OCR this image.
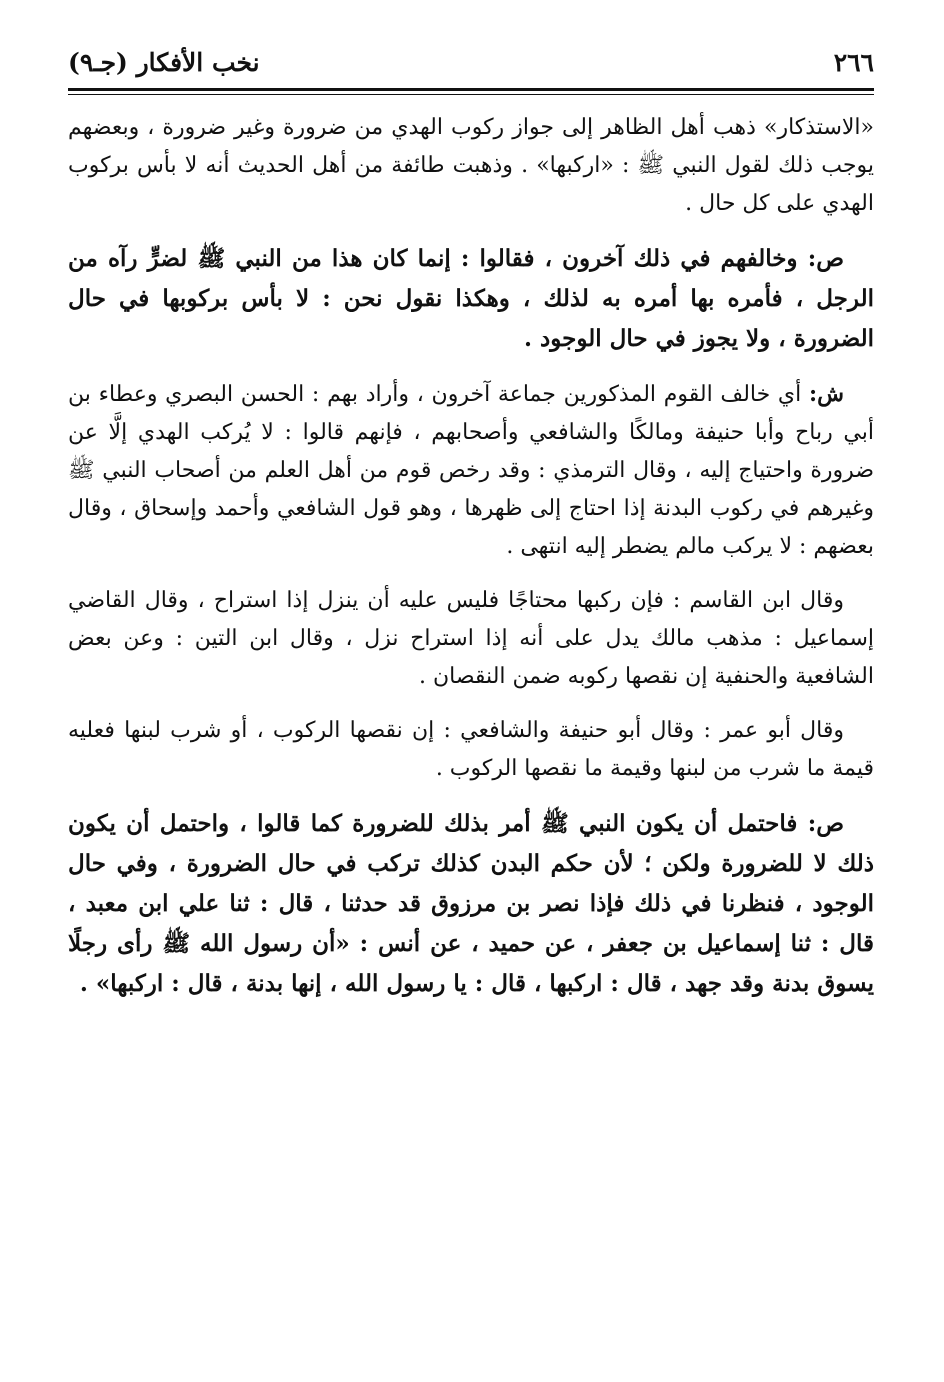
٢٦٦
نخب الأفكار (جـ٩)

«الاستذكار» ذهب أهل الظاهر إلى جواز ركوب الهدي من ضرورة وغير ضرورة ، وبعضهم يوجب ذلك لقول النبي ﷺ : «اركبها» . وذهبت طائفة من أهل الحديث أنه لا بأس بركوب الهدي على كل حال .

ص: وخالفهم في ذلك آخرون ، فقالوا : إنما كان هذا من النبي ﷺ لضرٍّ رآه من الرجل ، فأمره بها أمره به لذلك ، وهكذا نقول نحن : لا بأس بركوبها في حال الضرورة ، ولا يجوز في حال الوجود .

ش: أي خالف القوم المذكورين جماعة آخرون ، وأراد بهم : الحسن البصري وعطاء بن أبي رباح وأبا حنيفة ومالكًا والشافعي وأصحابهم ، فإنهم قالوا : لا يُركب الهدي إلَّا عن ضرورة واحتياج إليه ، وقال الترمذي : وقد رخص قوم من أهل العلم من أصحاب النبي ﷺ وغيرهم في ركوب البدنة إذا احتاج إلى ظهرها ، وهو قول الشافعي وأحمد وإسحاق ، وقال بعضهم : لا يركب مالم يضطر إليه انتهى .

وقال ابن القاسم : فإن ركبها محتاجًا فليس عليه أن ينزل إذا استراح ، وقال القاضي إسماعيل : مذهب مالك يدل على أنه إذا استراح نزل ، وقال ابن التين : وعن بعض الشافعية والحنفية إن نقصها ركوبه ضمن النقصان .

وقال أبو عمر : وقال أبو حنيفة والشافعي : إن نقصها الركوب ، أو شرب لبنها فعليه قيمة ما شرب من لبنها وقيمة ما نقصها الركوب .

ص: فاحتمل أن يكون النبي ﷺ أمر بذلك للضرورة كما قالوا ، واحتمل أن يكون ذلك لا للضرورة ولكن ؛ لأن حكم البدن كذلك تركب في حال الضرورة ، وفي حال الوجود ، فنظرنا في ذلك فإذا نصر بن مرزوق قد حدثنا ، قال : ثنا علي ابن معبد ، قال : ثنا إسماعيل بن جعفر ، عن حميد ، عن أنس : «أن رسول الله ﷺ رأى رجلًا يسوق بدنة وقد جهد ، قال : اركبها ، قال : يا رسول الله ، إنها بدنة ، قال : اركبها» .
